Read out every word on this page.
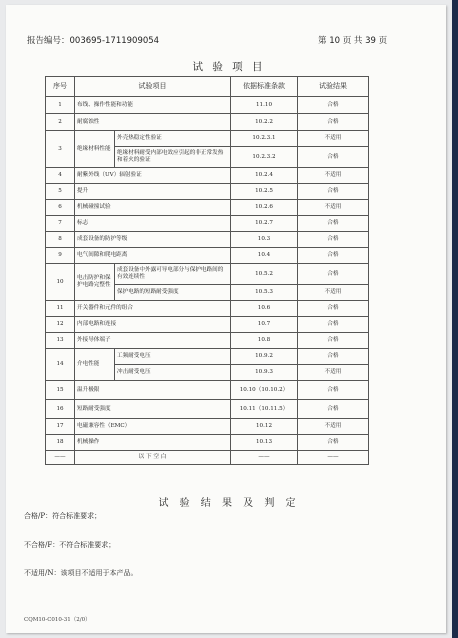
报告编号：003695-1711909054	第 10 页 共 39 页
试 验 项 目
序号	试验项目		依据标准条款	试验结果
1	布线、操作性能和功能		11.10	合格
2	耐腐蚀性		10.2.2	合格
3	绝缘材料性能	外壳热稳定性验证	10.2.3.1	不适用
		绝缘材料耐受内部电效应引起的非正常发热和着火的验证	10.2.3.2	合格
4	耐紫外线（UV）辐射验证		10.2.4	不适用
5	提升		10.2.5	合格
6	机械碰撞试验		10.2.6	不适用
7	标志		10.2.7	合格
8	成套设备的防护等级		10.3	合格
9	电气间隙和爬电距离		10.4	合格
10	电击防护和保护电路完整性	成套设备中外露可导电部分与保护电路间的有效连续性	10.5.2	合格
		保护电路的短路耐受强度	10.5.3	不适用
11	开关器件和元件的组合		10.6	合格
12	内部电路和连接		10.7	合格
13	外接导体端子		10.8	合格
14	介电性能	工频耐受电压	10.9.2	合格
		冲击耐受电压	10.9.3	不适用
15	温升极限		10.10（10.10.2）	合格
16	短路耐受强度		10.11（10.11.5）	合格
17	电磁兼容性（EMC）		10.12	不适用
18	机械操作		10.13	合格
——	以 下 空 白		——	——
试 验 结 果 及 判 定
合格/P：符合标准要求；
不合格/F：不符合标准要求；
不适用/N：该项目不适用于本产品。
CQM10-C010-31（2/0）
